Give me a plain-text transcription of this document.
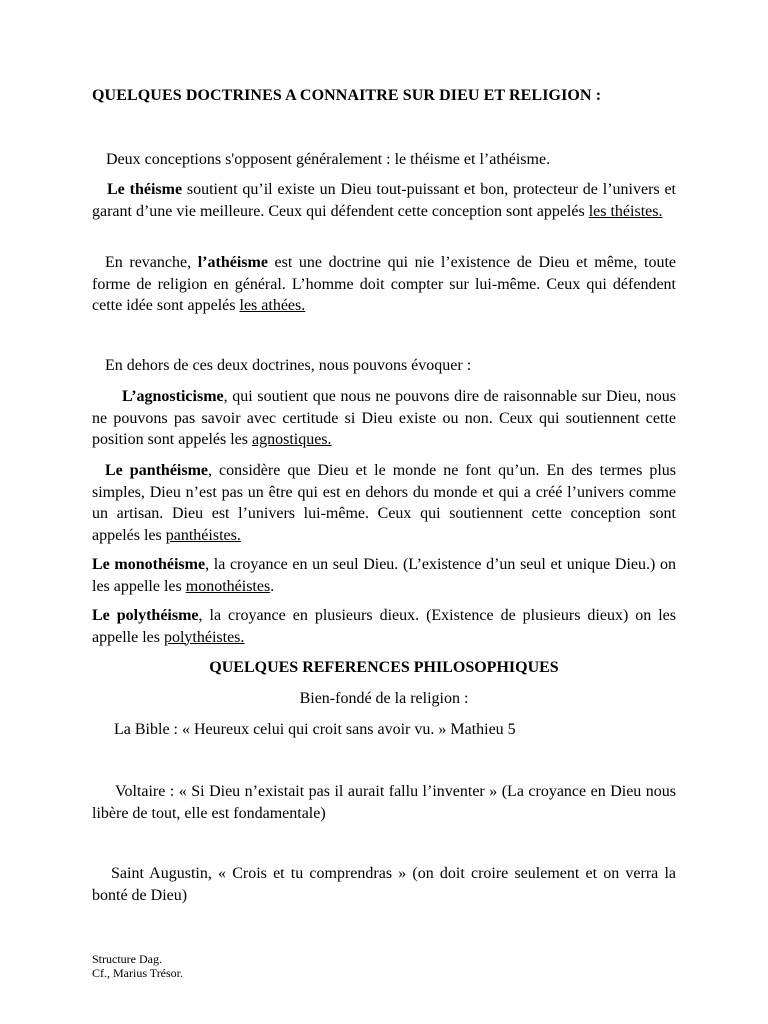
QUELQUES DOCTRINES A CONNAITRE SUR DIEU ET RELIGION :

Deux conceptions s'opposent généralement : le théisme et l’athéisme.

Le théisme soutient qu’il existe un Dieu tout-puissant et bon, protecteur de l’univers et garant d’une vie meilleure. Ceux qui défendent cette conception sont appelés les théistes.

En revanche, l’athéisme est une doctrine qui nie l’existence de Dieu et même, toute forme de religion en général. L’homme doit compter sur lui-même. Ceux qui défendent cette idée sont appelés les athées.

En dehors de ces deux doctrines, nous pouvons évoquer :

L’agnosticisme, qui soutient que nous ne pouvons dire de raisonnable sur Dieu, nous ne pouvons pas savoir avec certitude si Dieu existe ou non. Ceux qui soutiennent cette position sont appelés les agnostiques.

Le panthéisme, considère que Dieu et le monde ne font qu’un. En des termes plus simples, Dieu n’est pas un être qui est en dehors du monde et qui a créé l’univers comme un artisan. Dieu est l’univers lui-même. Ceux qui soutiennent cette conception sont appelés les panthéistes.

Le monothéisme, la croyance en un seul Dieu. (L’existence d’un seul et unique Dieu.) on les appelle les monothéistes.

Le polythéisme, la croyance en plusieurs dieux. (Existence de plusieurs dieux) on les appelle les polythéistes.

QUELQUES REFERENCES PHILOSOPHIQUES

Bien-fondé de la religion :

La Bible : « Heureux celui qui croit sans avoir vu. » Mathieu 5

Voltaire : « Si Dieu n’existait pas il aurait fallu l’inventer » (La croyance en Dieu nous libère de tout, elle est fondamentale)

Saint Augustin, « Crois et tu comprendras » (on doit croire seulement et on verra la bonté de Dieu)

Structure Dag.

Cf., Marius Trésor.
